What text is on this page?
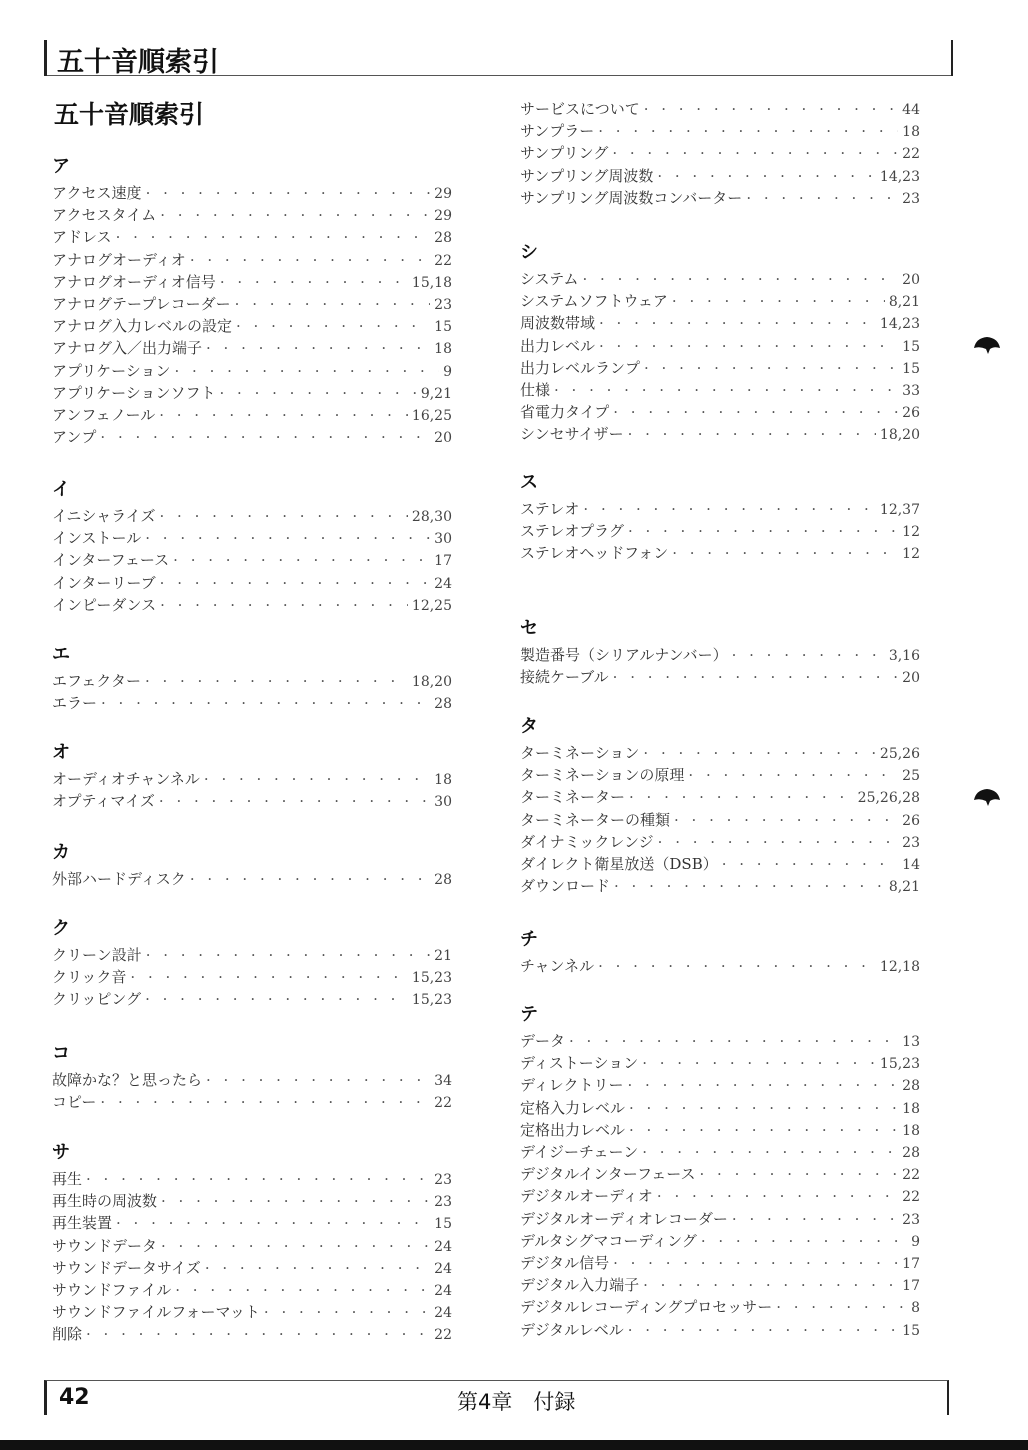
五十音順索引
五十音順索引
ア
アクセス速度 · · ·	29
アクセスタイム · · ·	29
アドレス · · ·	28
アナログオーディオ · · ·	22
アナログオーディオ信号 · · ·	15,18
アナログテープレコーダー · · ·	23
アナログ入力レベルの設定 · · ·	15
アナログ入／出力端子 · · ·	18
アプリケーション · · ·	9
アプリケーションソフト · · ·	9,21
アンフェノール · · ·	16,25
アンプ · · ·	20
イ
イニシャライズ · · ·	28,30
インストール · · ·	30
インターフェース · · ·	17
インターリーブ · · ·	24
インピーダンス · · ·	12,25
エ
エフェクター · · ·	18,20
エラー · · ·	28
オ
オーディオチャンネル · · ·	18
オプティマイズ · · ·	30
カ
外部ハードディスク · · ·	28
ク
クリーン設計 · · ·	21
クリック音 · · ·	15,23
クリッピング · · ·	15,23
コ
故障かな？と思ったら · · ·	34
コピー · · ·	22
サ
再生 · · ·	23
再生時の周波数 · · ·	23
再生装置 · · ·	15
サウンドデータ · · ·	24
サウンドデータサイズ · · ·	24
サウンドファイル · · ·	24
サウンドファイルフォーマット · · ·	24
削除 · · ·	22
サービスについて · · ·	44
サンプラー · · ·	18
サンプリング · · ·	22
サンプリング周波数 · · ·	14,23
サンプリング周波数コンバーター · · ·	23
シ
システム · · ·	20
システムソフトウェア · · ·	8,21
周波数帯域 · · ·	14,23
出力レベル · · ·	15
出力レベルランプ · · ·	15
仕様 · · ·	33
省電力タイプ · · ·	26
シンセサイザー · · ·	18,20
ス
ステレオ · · ·	12,37
ステレオプラグ · · ·	12
ステレオヘッドフォン · · ·	12
セ
製造番号（シリアルナンバー） · · ·	3,16
接続ケーブル · · ·	20
タ
ターミネーション · · ·	25,26
ターミネーションの原理 · · ·	25
ターミネーター · · ·	25,26,28
ターミネーターの種類 · · ·	26
ダイナミックレンジ · · ·	23
ダイレクト衛星放送（DSB） · · ·	14
ダウンロード · · ·	8,21
チ
チャンネル · · ·	12,18
テ
データ · · ·	13
ディストーション · · ·	15,23
ディレクトリー · · ·	28
定格入力レベル · · ·	18
定格出力レベル · · ·	18
デイジーチェーン · · ·	28
デジタルインターフェース · · ·	22
デジタルオーディオ · · ·	22
デジタルオーディオレコーダー · · ·	23
デルタシグマコーディング · · ·	9
デジタル信号 · · ·	17
デジタル入力端子 · · ·	17
デジタルレコーディングプロセッサー · · ·	8
デジタルレベル · · ·	15
42	第4章　付録
